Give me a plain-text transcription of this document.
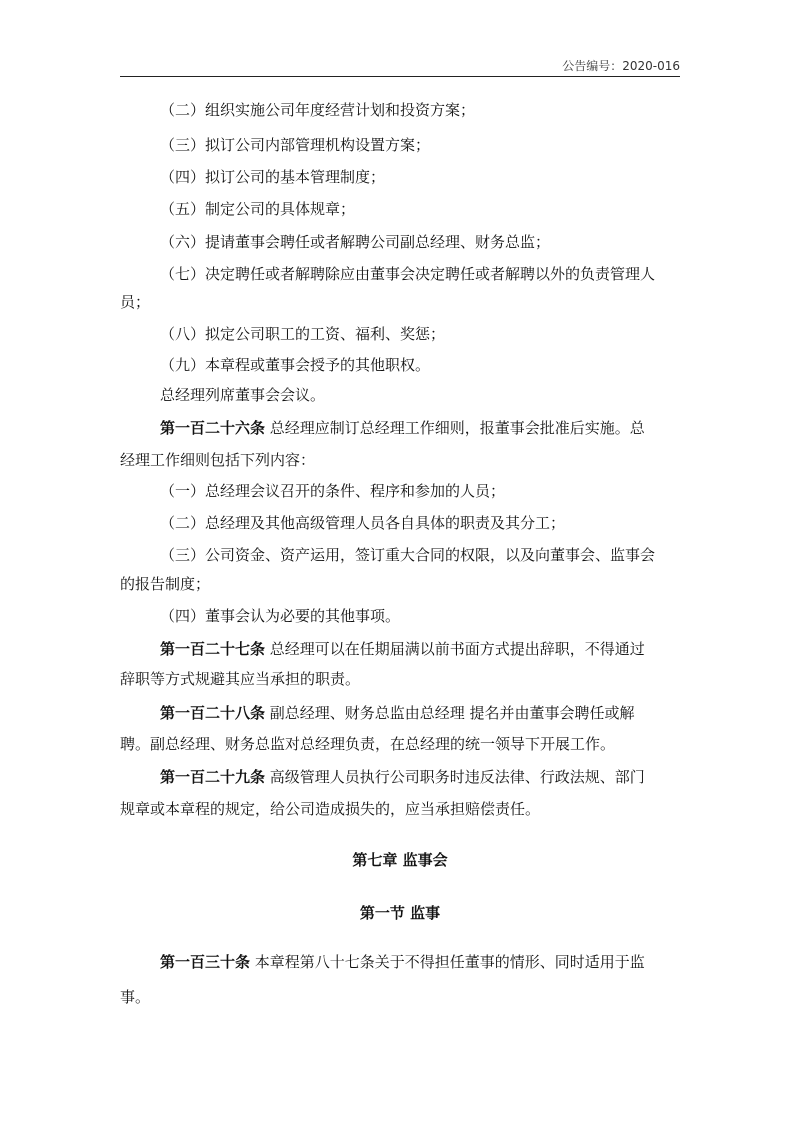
公告编号：2020-016
（二）组织实施公司年度经营计划和投资方案；
（三）拟订公司内部管理机构设置方案；
（四）拟订公司的基本管理制度；
（五）制定公司的具体规章；
（六）提请董事会聘任或者解聘公司副总经理、财务总监；
（七）决定聘任或者解聘除应由董事会决定聘任或者解聘以外的负责管理人
员；
（八）拟定公司职工的工资、福利、奖惩；
（九）本章程或董事会授予的其他职权。
总经理列席董事会会议。
第一百二十六条 总经理应制订总经理工作细则，报董事会批准后实施。总
经理工作细则包括下列内容：
（一）总经理会议召开的条件、程序和参加的人员；
（二）总经理及其他高级管理人员各自具体的职责及其分工；
（三）公司资金、资产运用，签订重大合同的权限，以及向董事会、监事会
的报告制度；
（四）董事会认为必要的其他事项。
第一百二十七条 总经理可以在任期届满以前书面方式提出辞职，不得通过
辞职等方式规避其应当承担的职责。
第一百二十八条 副总经理、财务总监由总经理 提名并由董事会聘任或解
聘。副总经理、财务总监对总经理负责，在总经理的统一领导下开展工作。
第一百二十九条 高级管理人员执行公司职务时违反法律、行政法规、部门
规章或本章程的规定，给公司造成损失的，应当承担赔偿责任。
第七章 监事会
第一节 监事
第一百三十条 本章程第八十七条关于不得担任董事的情形、同时适用于监
事。
